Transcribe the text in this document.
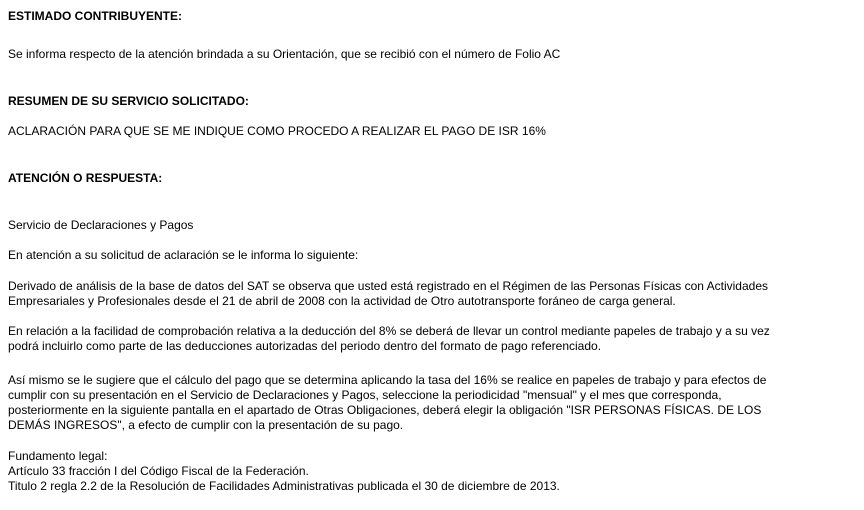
ESTIMADO CONTRIBUYENTE:
Se informa respecto de la atención brindada a su Orientación, que se recibió con el número de Folio AC
RESUMEN DE SU SERVICIO SOLICITADO:
ACLARACIÓN PARA QUE SE ME INDIQUE COMO PROCEDO A REALIZAR EL PAGO DE ISR 16%
ATENCIÓN O RESPUESTA:
Servicio de Declaraciones y Pagos
En atención a su solicitud de aclaración se le informa lo siguiente:
Derivado de análisis de la base de datos del SAT se observa que usted está registrado en el Régimen de las Personas Físicas con Actividades
Empresariales y Profesionales desde el 21 de abril de 2008 con la actividad de Otro autotransporte foráneo de carga general.
En relación a la facilidad de comprobación relativa a la deducción del 8% se deberá de llevar un control mediante papeles de trabajo y a su vez
podrá incluirlo como parte de las deducciones autorizadas del periodo dentro del formato de pago referenciado.
Así mismo se le sugiere que el cálculo del pago que se determina aplicando la tasa del 16% se realice en papeles de trabajo y para efectos de
cumplir con su presentación en el Servicio de Declaraciones y Pagos, seleccione la periodicidad "mensual" y el mes que corresponda,
posteriormente en la siguiente pantalla en el apartado de Otras Obligaciones, deberá elegir la obligación "ISR PERSONAS FÍSICAS. DE LOS
DEMÁS INGRESOS", a efecto de cumplir con la presentación de su pago.
Fundamento legal:
Artículo 33 fracción I del Código Fiscal de la Federación.
Titulo 2 regla 2.2 de la Resolución de Facilidades Administrativas publicada el 30 de diciembre de 2013.
